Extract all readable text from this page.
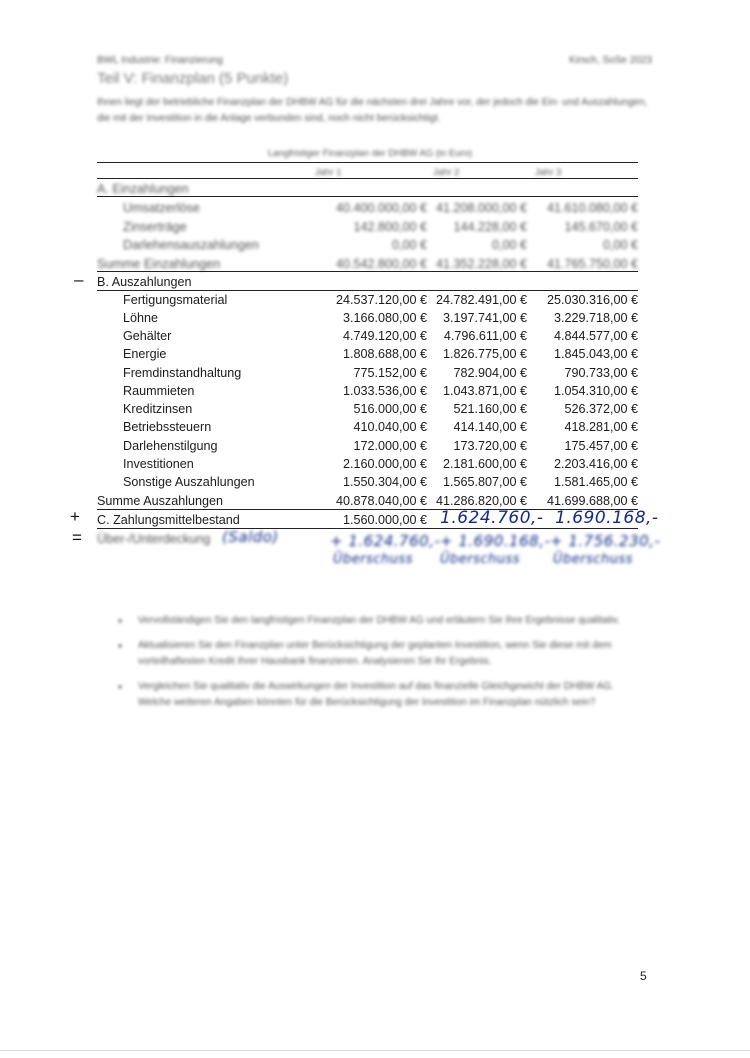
BWL Industrie: Finanzierung	Kirsch, SoSe 2023
Teil V: Finanzplan (5 Punkte)
Ihnen liegt der betriebliche Finanzplan der DHBW AG für die nächsten drei Jahre vor, der jedoch die Ein- und Auszahlungen, die mit der Investition in die Anlage verbunden sind, noch nicht berücksichtigt.
Langfristiger Finanzplan der DHBW AG (in Euro)
Jahr 1	Jahr 2	Jahr 3
A. Einzahlungen
Umsatzerlöse	40.400.000,00 € 41.208.000,00 € 41.610.080,00 €
Zinserträge	142.800,00 € 144.228,00 €	145.670,00 €
Darlehensauszahlungen	0,00 €	0,00 €	0,00 €
Summe Einzahlungen	40.542.800,00 € 41.352.228,00 € 41.765.750,00 €
– B. Auszahlungen
Fertigungsmaterial	24.537.120,00 € 24.782.491,00 € 25.030.316,00 €
Löhne	3.166.080,00 € 3.197.741,00 € 3.229.718,00 €
Gehälter	4.749.120,00 € 4.796.611,00 € 4.844.577,00 €
Energie	1.808.688,00 € 1.826.775,00 € 1.845.043,00 €
Fremdinstandhaltung	775.152,00 € 782.904,00 €	790.733,00 €
Raummieten	1.033.536,00 € 1.043.871,00 € 1.054.310,00 €
Kreditzinsen	516.000,00 € 521.160,00 €	526.372,00 €
Betriebssteuern	410.040,00 € 414.140,00 €	418.281,00 €
Darlehenstilgung	172.000,00 € 173.720,00 €	175.457,00 €
Investitionen	2.160.000,00 € 2.181.600,00 € 2.203.416,00 €
Sonstige Auszahlungen	1.550.304,00 € 1.565.807,00 € 1.581.465,00 €
Summe Auszahlungen	40.878.040,00 € 41.286.820,00 € 41.699.688,00 €
+ C. Zahlungsmittelbestand	1.560.000,00 € 1.624.760,- 1.690.168,-
= Über-/Unterdeckung (Saldo)	+ 1.624.760,- + 1.690.168,- + 1.756.230,-
Überschuss Überschuss	Überschuss
• Vervollständigen Sie den langfristigen Finanzplan der DHBW AG und erläutern Sie Ihre Ergebnisse qualitativ.
• Aktualisieren Sie den Finanzplan unter Berücksichtigung der geplanten Investition, wenn Sie diese mit dem vorteilhaftesten Kredit Ihrer Hausbank finanzieren. Analysieren Sie Ihr Ergebnis.
• Vergleichen Sie qualitativ die Auswirkungen der Investition auf das finanzielle Gleichgewicht der DHBW AG. Welche weiteren Angaben könnten für die Berücksichtigung der Investition im Finanzplan nützlich sein?
5
